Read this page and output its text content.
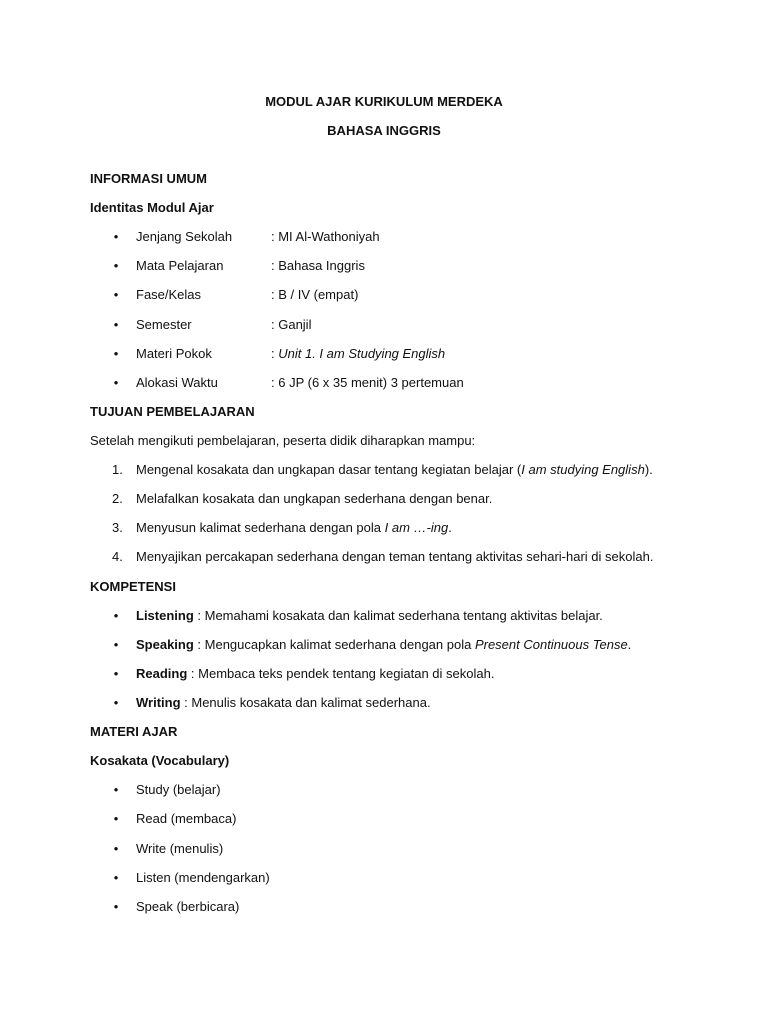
MODUL AJAR KURIKULUM MERDEKA
BAHASA INGGRIS
INFORMASI UMUM
Identitas Modul Ajar
• Jenjang Sekolah	: MI Al-Wathoniyah
• Mata Pelajaran	: Bahasa Inggris
• Fase/Kelas	: B / IV (empat)
• Semester	: Ganjil
• Materi Pokok	: Unit 1. I am Studying English
• Alokasi Waktu	: 6 JP (6 x 35 menit) 3 pertemuan
TUJUAN PEMBELAJARAN
Setelah mengikuti pembelajaran, peserta didik diharapkan mampu:
1. Mengenal kosakata dan ungkapan dasar tentang kegiatan belajar (I am studying English).
2. Melafalkan kosakata dan ungkapan sederhana dengan benar.
3. Menyusun kalimat sederhana dengan pola I am …-ing.
4. Menyajikan percakapan sederhana dengan teman tentang aktivitas sehari-hari di sekolah.
KOMPETENSI
• Listening : Memahami kosakata dan kalimat sederhana tentang aktivitas belajar.
• Speaking : Mengucapkan kalimat sederhana dengan pola Present Continuous Tense.
• Reading : Membaca teks pendek tentang kegiatan di sekolah.
• Writing : Menulis kosakata dan kalimat sederhana.
MATERI AJAR
Kosakata (Vocabulary)
• Study (belajar)
• Read (membaca)
• Write (menulis)
• Listen (mendengarkan)
• Speak (berbicara)
